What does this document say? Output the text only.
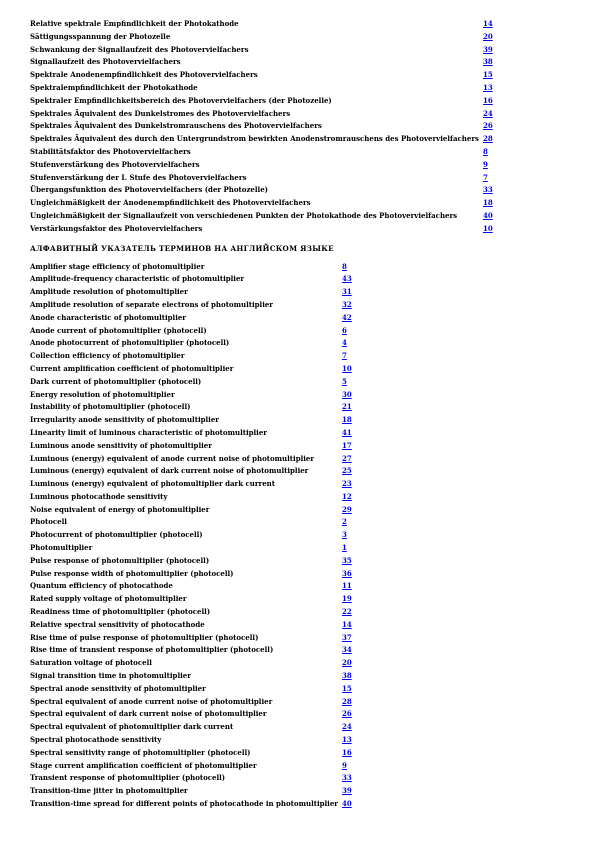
Relative spektrale Empfindlichkeit der Photokathode	14
Sättigungsspannung der Photozelle	20
Schwankung der Signallaufzeit des Photovervielfachers	39
Signallaufzeit des Photovervielfachers	38
Spektrale Anodenempfindlichkeit des Photovervielfachers	15
Spektralempfindlichkeit der Photokathode	13
Spektraler Empfindlichkeitsbereich des Photovervielfachers (der Photozelle)	16
Spektrales Äquivalent des Dunkelstromes des Photovervielfachers	24
Spektrales Äquivalent des Dunkelstromrauschens des Photovervielfachers	26
Spektrales Äquivalent des durch den Untergrundstrom bewirkten Anodenstromrauschens des Photovervielfachers	28
Stabilitätsfaktor des Photovervielfachers	8
Stufenverstärkung des Photovervielfachers	9
Stufenverstärkung der I. Stufe des Photovervielfachers	7
Übergangsfunktion des Photovervielfachers (der Photozelle)	33
Ungleichmäßigkeit der Anodenempfindlichkeit des Photovervielfachers	18
Ungleichmäßigkeit der Signallaufzeit von verschiedenen Punkten der Photokathode des Photovervielfachers	40
Verstärkungsfaktor des Photovervielfachers	10
АЛФАВИТНЫЙ УКАЗАТЕЛЬ ТЕРМИНОВ НА АНГЛИЙСКОМ ЯЗЫКЕ
Amplifier stage efficiency of photomultiplier	8
Amplitude-frequency characteristic of photomultiplier	43
Amplitude resolution of photomultiplier	31
Amplitude resolution of separate electrons of photomultiplier	32
Anode characteristic of photomultiplier	42
Anode current of photomultiplier (photocell)	6
Anode photocurrent of photomultiplier (photocell)	4
Collection efficiency of photomultiplier	7
Current amplification coefficient of photomultiplier	10
Dark current of photomultiplier (photocell)	5
Energy resolution of photomultiplier	30
Instability of photomultiplier (photocell)	21
Irregularity anode sensitivity of photomultiplier	18
Linearity limit of luminous characteristic of photomultiplier	41
Luminous anode sensitivity of photomultiplier	17
Luminous (energy) equivalent of anode current noise of photomultiplier	27
Luminous (energy) equivalent of dark current noise of photomultiplier	25
Luminous (energy) equivalent of photomultiplier dark current	23
Luminous photocathode sensitivity	12
Noise equivalent of energy of photomultiplier	29
Photocell	2
Photocurrent of photomultiplier (photocell)	3
Photomultiplier	1
Pulse response of photomultiplier (photocell)	35
Pulse response width of photomultiplier (photocell)	36
Quantum efficiency of photocathode	11
Rated supply voltage of photomultiplier	19
Readiness time of photomultiplier (photocell)	22
Relative spectral sensitivity of photocathode	14
Rise time of pulse response of photomultiplier (photocell)	37
Rise time of transient response of photomultiplier (photocell)	34
Saturation voltage of photocell	20
Signal transition time in photomultiplier	38
Spectral anode sensitivity of photomultiplier	15
Spectral equivalent of anode current noise of photomultiplier	28
Spectral equivalent of dark current noise of photomultiplier	26
Spectral equivalent of photomultiplier dark current	24
Spectral photocathode sensitivity	13
Spectral sensitivity range of photomultiplier (photocell)	16
Stage current amplification coefficient of photomultiplier	9
Transient response of photomultiplier (photocell)	33
Transition-time jitter in photomultiplier	39
Transition-time spread for different points of photocathode in photomultiplier	40
